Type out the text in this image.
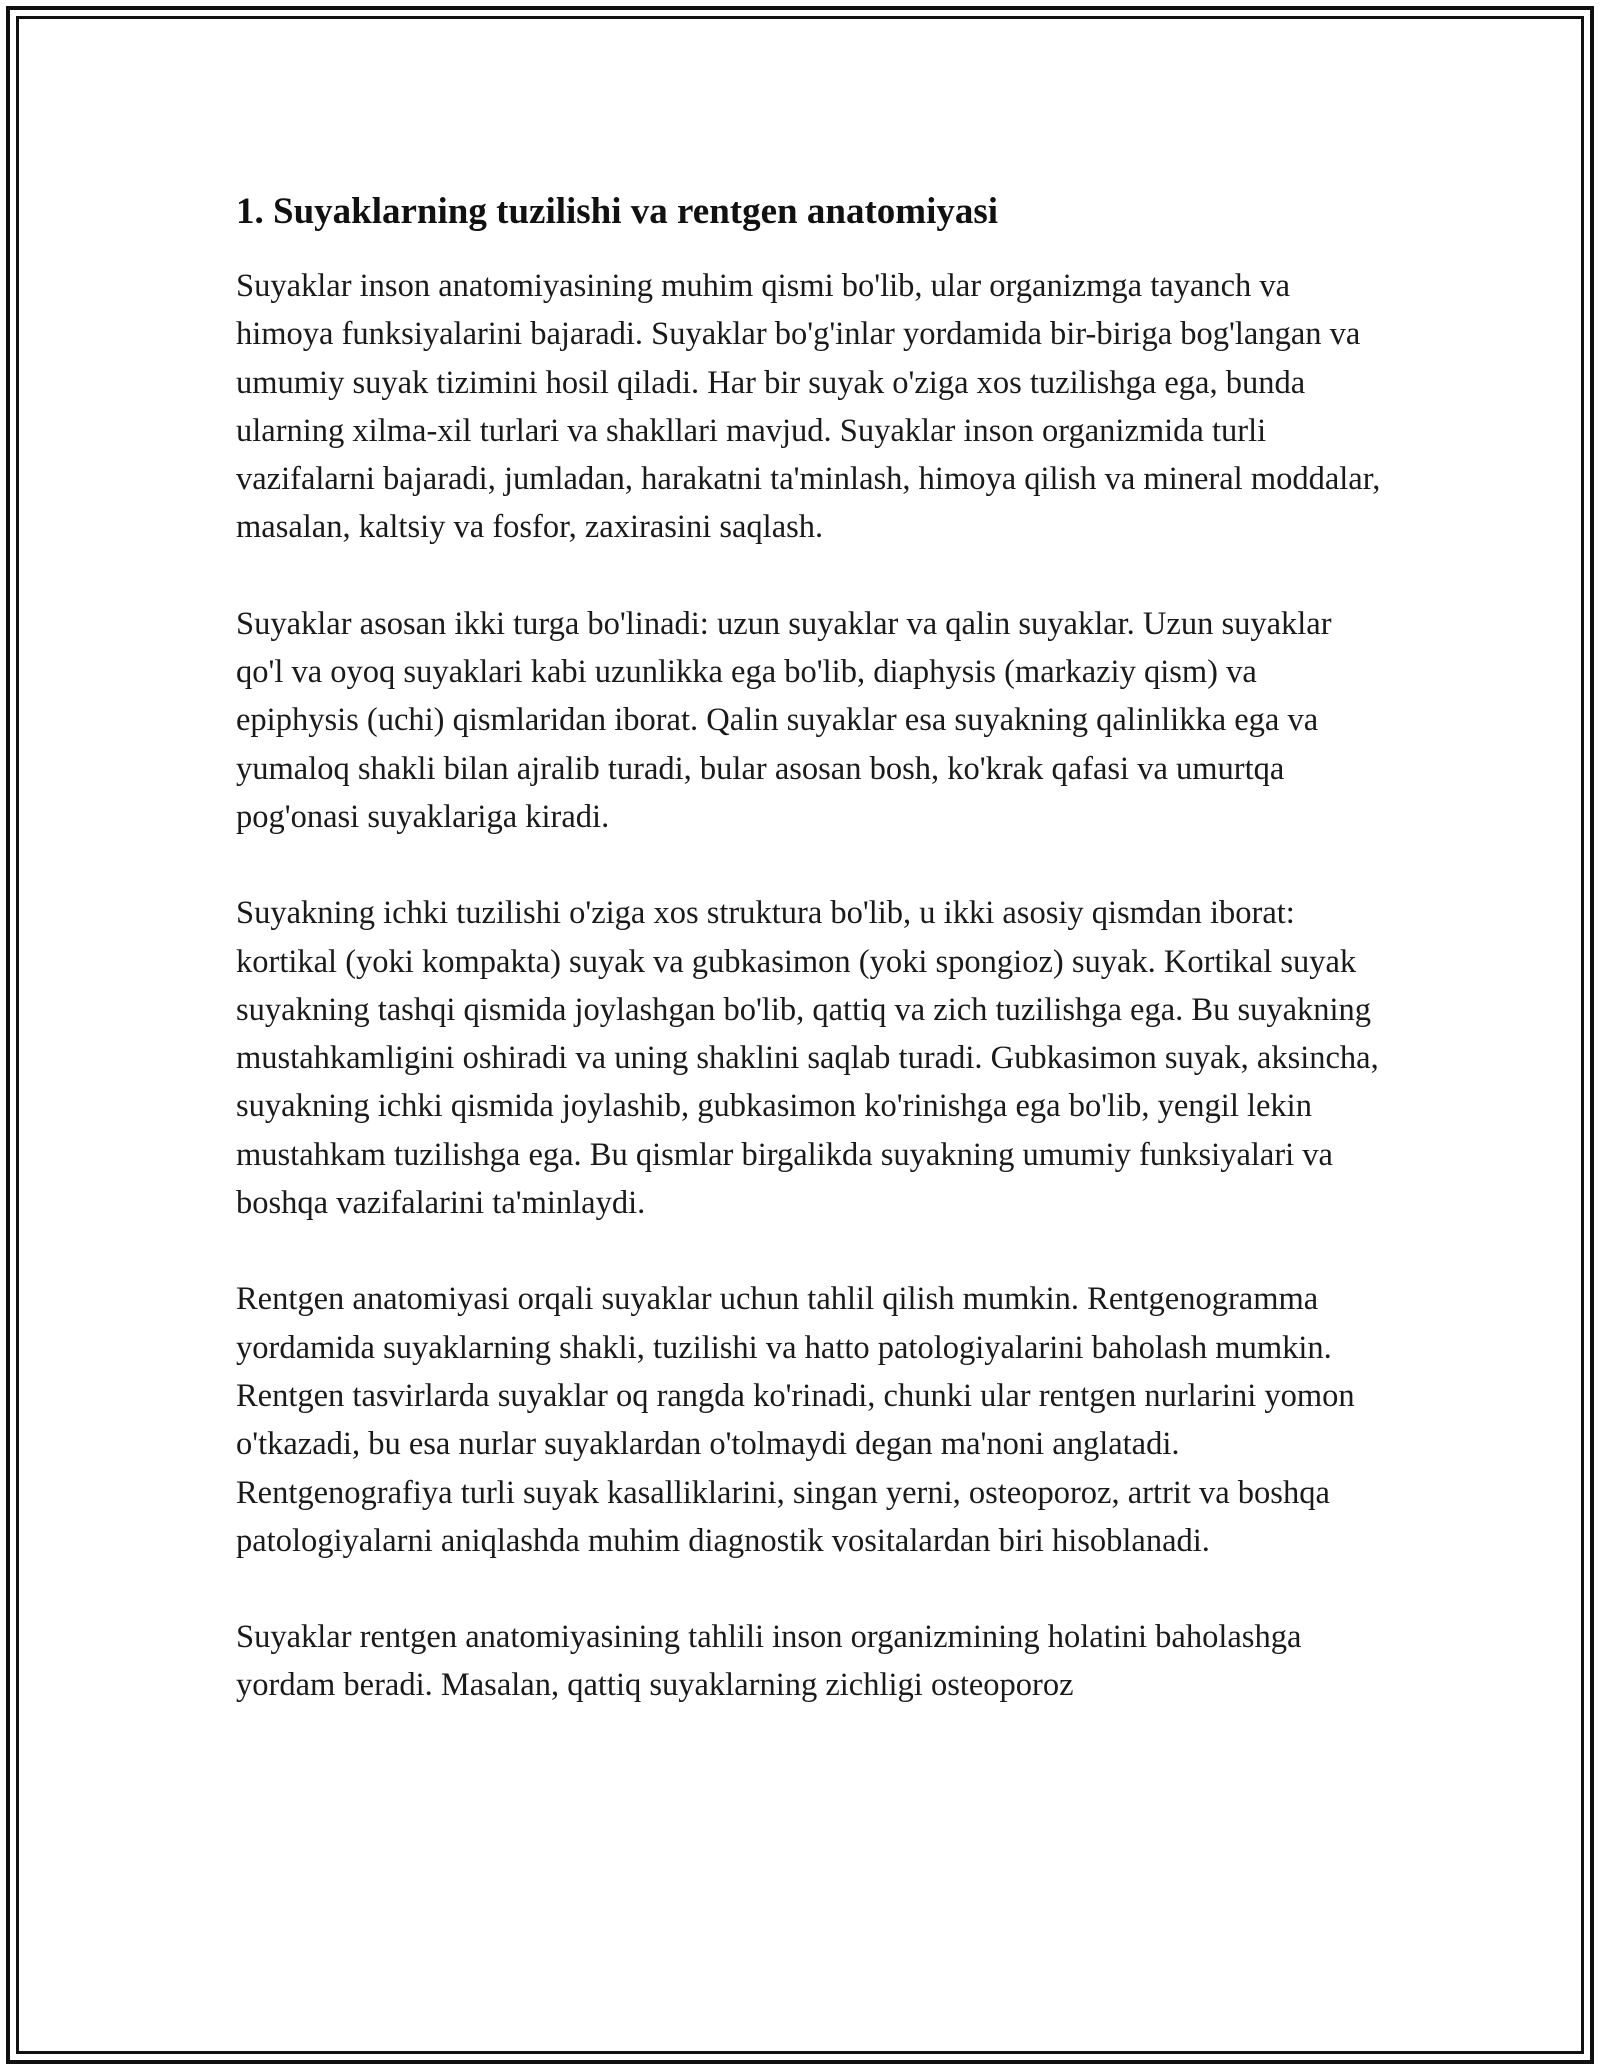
1. Suyaklarning tuzilishi va rentgen anatomiyasi

Suyaklar inson anatomiyasining muhim qismi bo'lib, ular organizmga tayanch va himoya funksiyalarini bajaradi. Suyaklar bo'g'inlar yordamida bir-biriga bog'langan va umumiy suyak tizimini hosil qiladi. Har bir suyak o'ziga xos tuzilishga ega, bunda ularning xilma-xil turlari va shakllari mavjud. Suyaklar inson organizmida turli vazifalarni bajaradi, jumladan, harakatni ta'minlash, himoya qilish va mineral moddalar, masalan, kaltsiy va fosfor, zaxirasini saqlash.

Suyaklar asosan ikki turga bo'linadi: uzun suyaklar va qalin suyaklar. Uzun suyaklar qo'l va oyoq suyaklari kabi uzunlikka ega bo'lib, diaphysis (markaziy qism) va epiphysis (uchi) qismlaridan iborat. Qalin suyaklar esa suyakning qalinlikka ega va yumaloq shakli bilan ajralib turadi, bular asosan bosh, ko'krak qafasi va umurtqa pog'onasi suyaklariga kiradi.

Suyakning ichki tuzilishi o'ziga xos struktura bo'lib, u ikki asosiy qismdan iborat: kortikal (yoki kompakta) suyak va gubkasimon (yoki spongioz) suyak. Kortikal suyak suyakning tashqi qismida joylashgan bo'lib, qattiq va zich tuzilishga ega. Bu suyakning mustahkamligini oshiradi va uning shaklini saqlab turadi. Gubkasimon suyak, aksincha, suyakning ichki qismida joylashib, gubkasimon ko'rinishga ega bo'lib, yengil lekin mustahkam tuzilishga ega. Bu qismlar birgalikda suyakning umumiy funksiyalari va boshqa vazifalarini ta'minlaydi.

Rentgen anatomiyasi orqali suyaklar uchun tahlil qilish mumkin. Rentgenogramma yordamida suyaklarning shakli, tuzilishi va hatto patologiyalarini baholash mumkin. Rentgen tasvirlarda suyaklar oq rangda ko'rinadi, chunki ular rentgen nurlarini yomon o'tkazadi, bu esa nurlar suyaklardan o'tolmaydi degan ma'noni anglatadi. Rentgenografiya turli suyak kasalliklarini, singan yerni, osteoporoz, artrit va boshqa patologiyalarni aniqlashda muhim diagnostik vositalardan biri hisoblanadi.

Suyaklar rentgen anatomiyasining tahlili inson organizmining holatini baholashga yordam beradi. Masalan, qattiq suyaklarning zichligi osteoporoz
